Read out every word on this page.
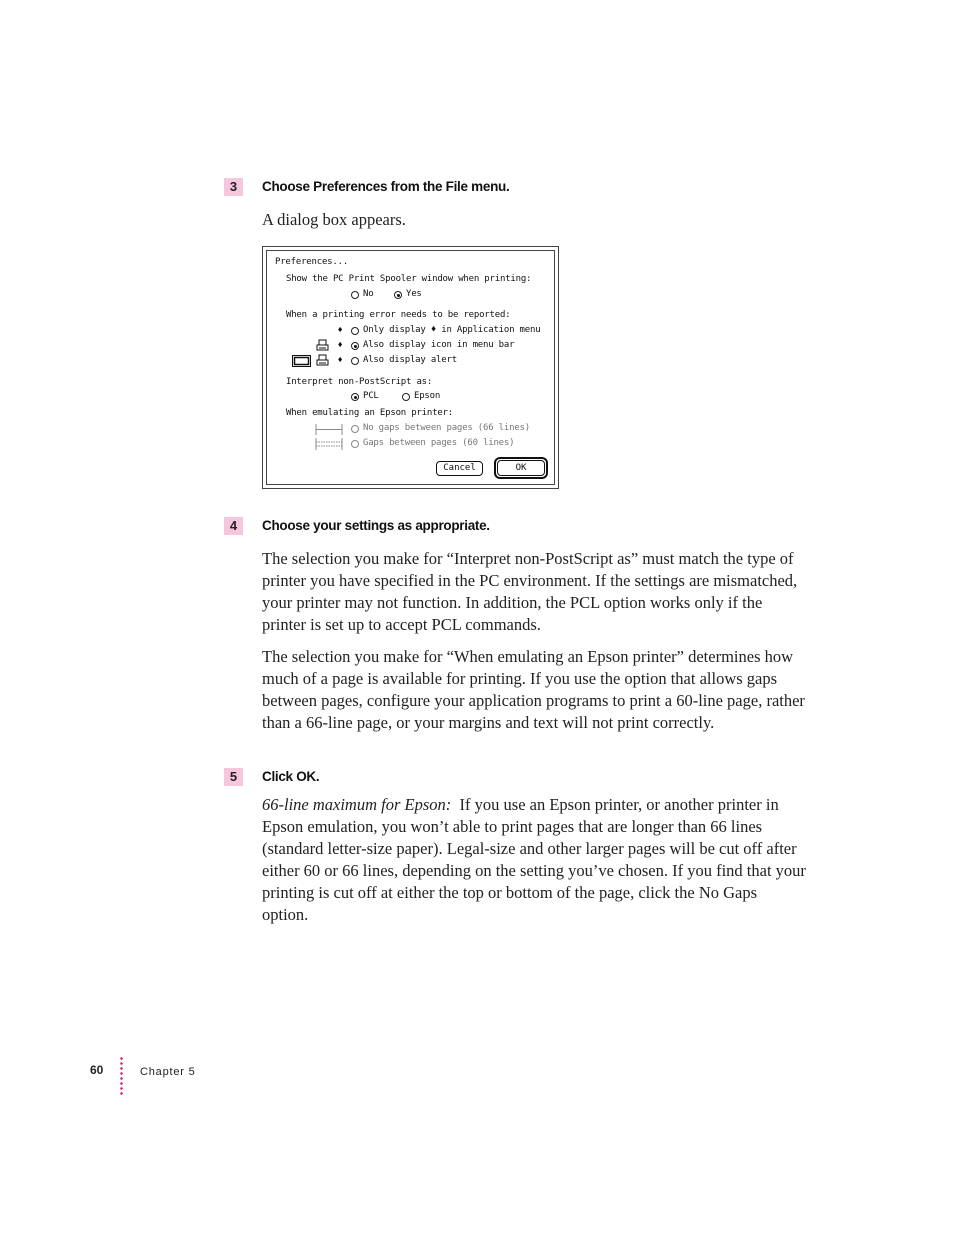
3	Choose Preferences from the File menu.

A dialog box appears.

Preferences...
Show the PC Print Spooler window when printing:
No	Yes
When a printing error needs to be reported:
♦ Only display ♦ in Application menu
♦ Also display icon in menu bar
♦ Also display alert
Interpret non-PostScript as:
PCL	Epson
When emulating an Epson printer:
No gaps between pages (66 lines)
Gaps between pages (60 lines)
Cancel	OK
4	Choose your settings as appropriate.

The selection you make for “Interpret non-PostScript as” must match the type of printer you have specified in the PC environment. If the settings are mismatched, your printer may not function. In addition, the PCL option works only if the printer is set up to accept PCL commands.

The selection you make for “When emulating an Epson printer” determines how much of a page is available for printing. If you use the option that allows gaps between pages, configure your application programs to print a 60-line page, rather than a 66-line page, or your margins and text will not print correctly.

5	Click OK.

66-line maximum for Epson: If you use an Epson printer, or another printer in Epson emulation, you won’t able to print pages that are longer than 66 lines (standard letter-size paper). Legal-size and other larger pages will be cut off after either 60 or 66 lines, depending on the setting you’ve chosen. If you find that your printing is cut off at either the top or bottom of the page, click the No Gaps option.

60	Chapter 5
